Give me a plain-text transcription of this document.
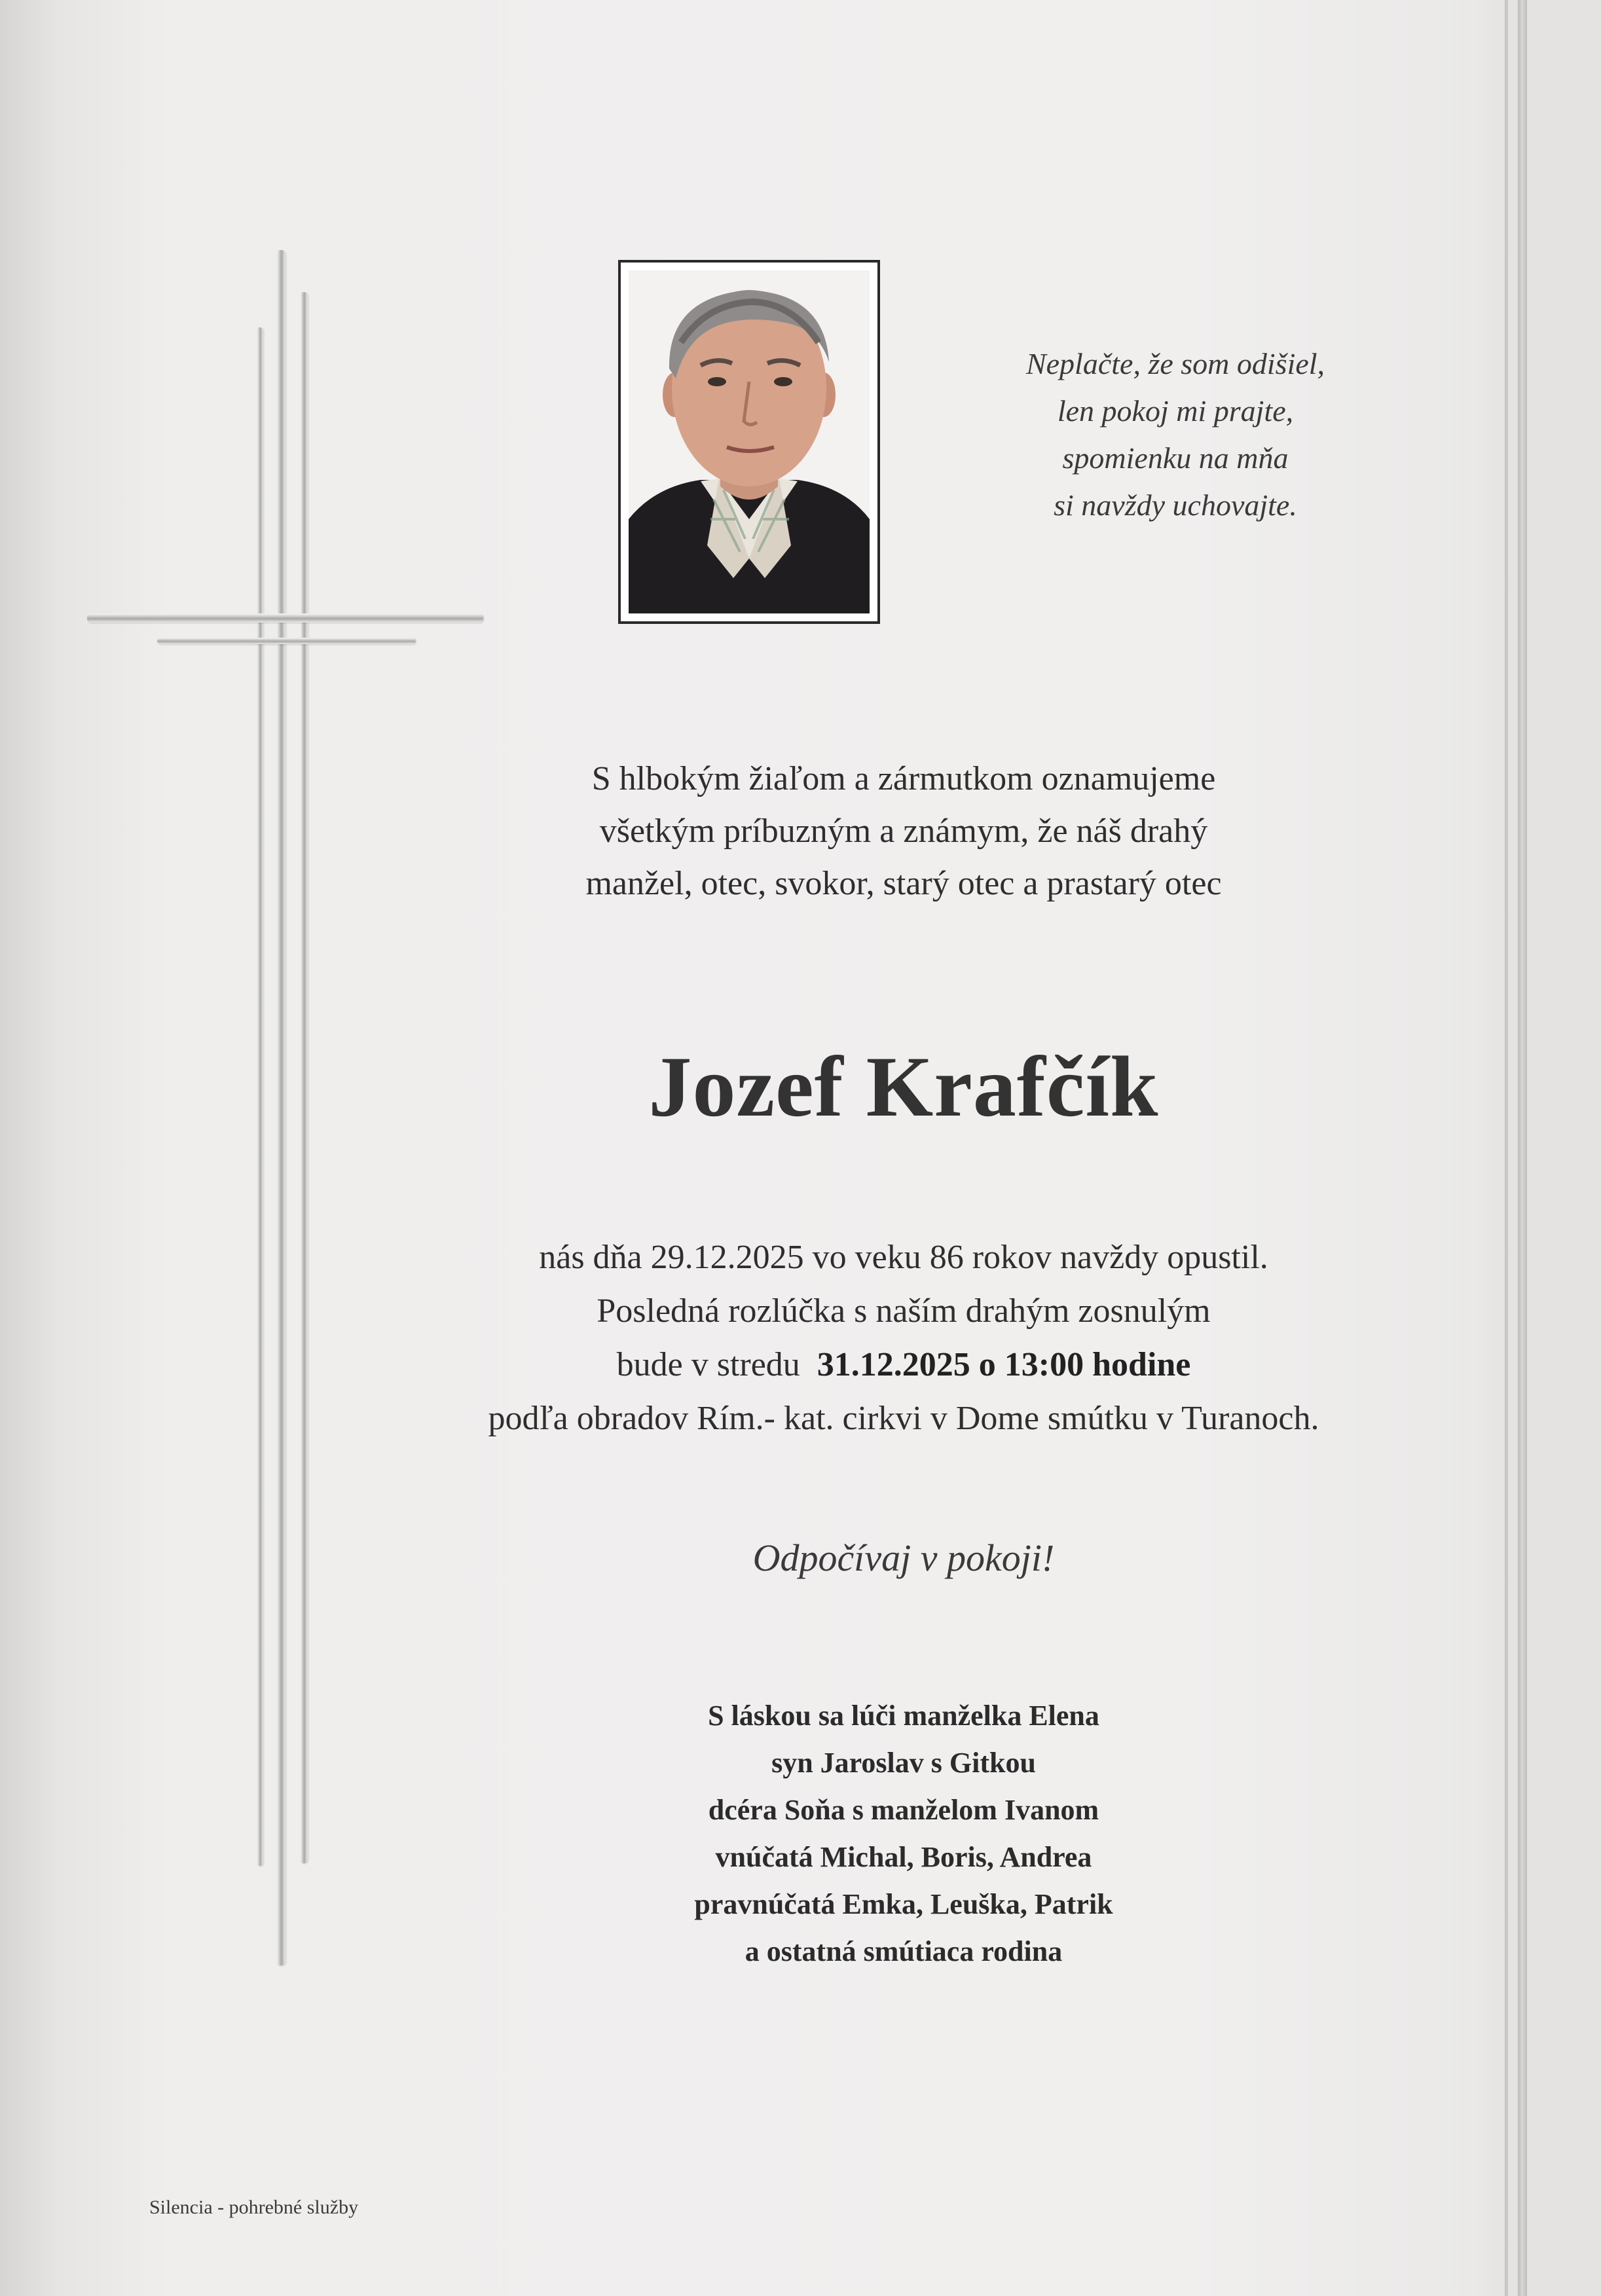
Neplačte, že som odišiel,
len pokoj mi prajte,
spomienku na mňa
si navždy uchovajte.
S hlbokým žiaľom a zármutkom oznamujeme
všetkým príbuzným a známym, že náš drahý
manžel, otec, svokor, starý otec a prastarý otec
Jozef Krafčík
nás dňa 29.12.2025 vo veku 86 rokov navždy opustil.
Posledná rozlúčka s naším drahým zosnulým
bude v stredu 31.12.2025 o 13:00 hodine
podľa obradov Rím.- kat. cirkvi v Dome smútku v Turanoch.
Odpočívaj v pokoji!
S láskou sa lúči manželka Elena
syn Jaroslav s Gitkou
dcéra Soňa s manželom Ivanom
vnúčatá Michal, Boris, Andrea
pravnúčatá Emka, Leuška, Patrik
a ostatná smútiaca rodina
Silencia - pohrebné služby
